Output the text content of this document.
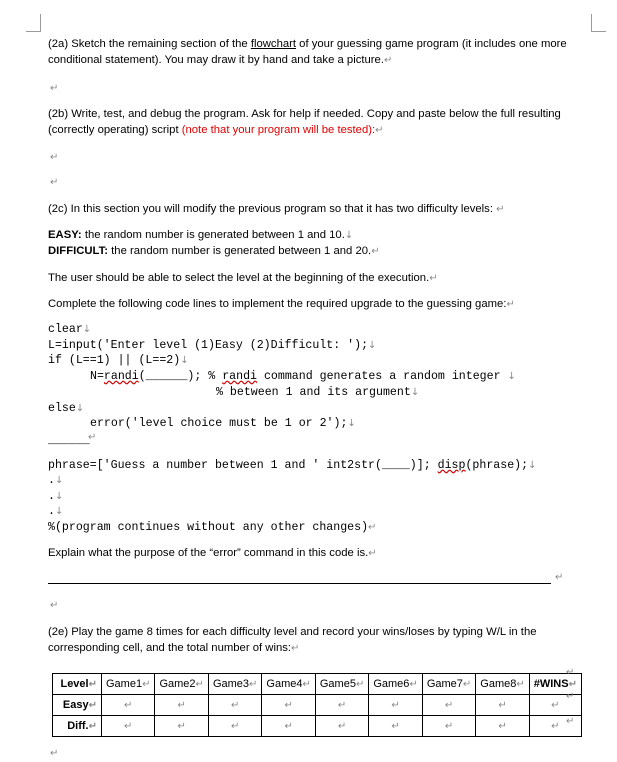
(2a) Sketch the remaining section of the flowchart of your guessing game program (it includes one more
conditional statement). You may draw it by hand and take a picture.↵
↵
(2b) Write, test, and debug the program. Ask for help if needed. Copy and paste below the full resulting
(correctly operating) script (note that your program will be tested):↵
↵
↵
(2c) In this section you will modify the previous program so that it has two difficulty levels: ↵
EASY: the random number is generated between 1 and 10.↓
DIFFICULT: the random number is generated between 1 and 20.↵
The user should be able to select the level at the beginning of the execution.↵
Complete the following code lines to implement the required upgrade to the guessing game:↵
clear↓
L=input('Enter level (1)Easy (2)Difficult: ');↓
if (L==1) || (L==2)↓
N=randi(______); % randi command generates a random integer ↓
% between 1 and its argument↓
else↓
error('level choice must be 1 or 2');↓
______
↵
phrase=['Guess a number between 1 and ' int2str(____)]; disp(phrase);↓
.↓
.↓
.↓
%(program continues without any other changes)↵
Explain what the purpose of the “error” command in this code is.↵
↵
↵
(2e) Play the game 8 times for each difficulty level and record your wins/loses by typing W/L in the
corresponding cell, and the total number of wins:↵
Level↵	Game1↵	Game2↵	Game3↵	Game4↵	Game5↵	Game6↵	Game7↵	Game8↵	#WINS↵
Easy↵	↵	↵	↵	↵	↵	↵	↵	↵	↵
Diff.↵	↵	↵	↵	↵	↵	↵	↵	↵	↵
↵
↵
↵
↵
